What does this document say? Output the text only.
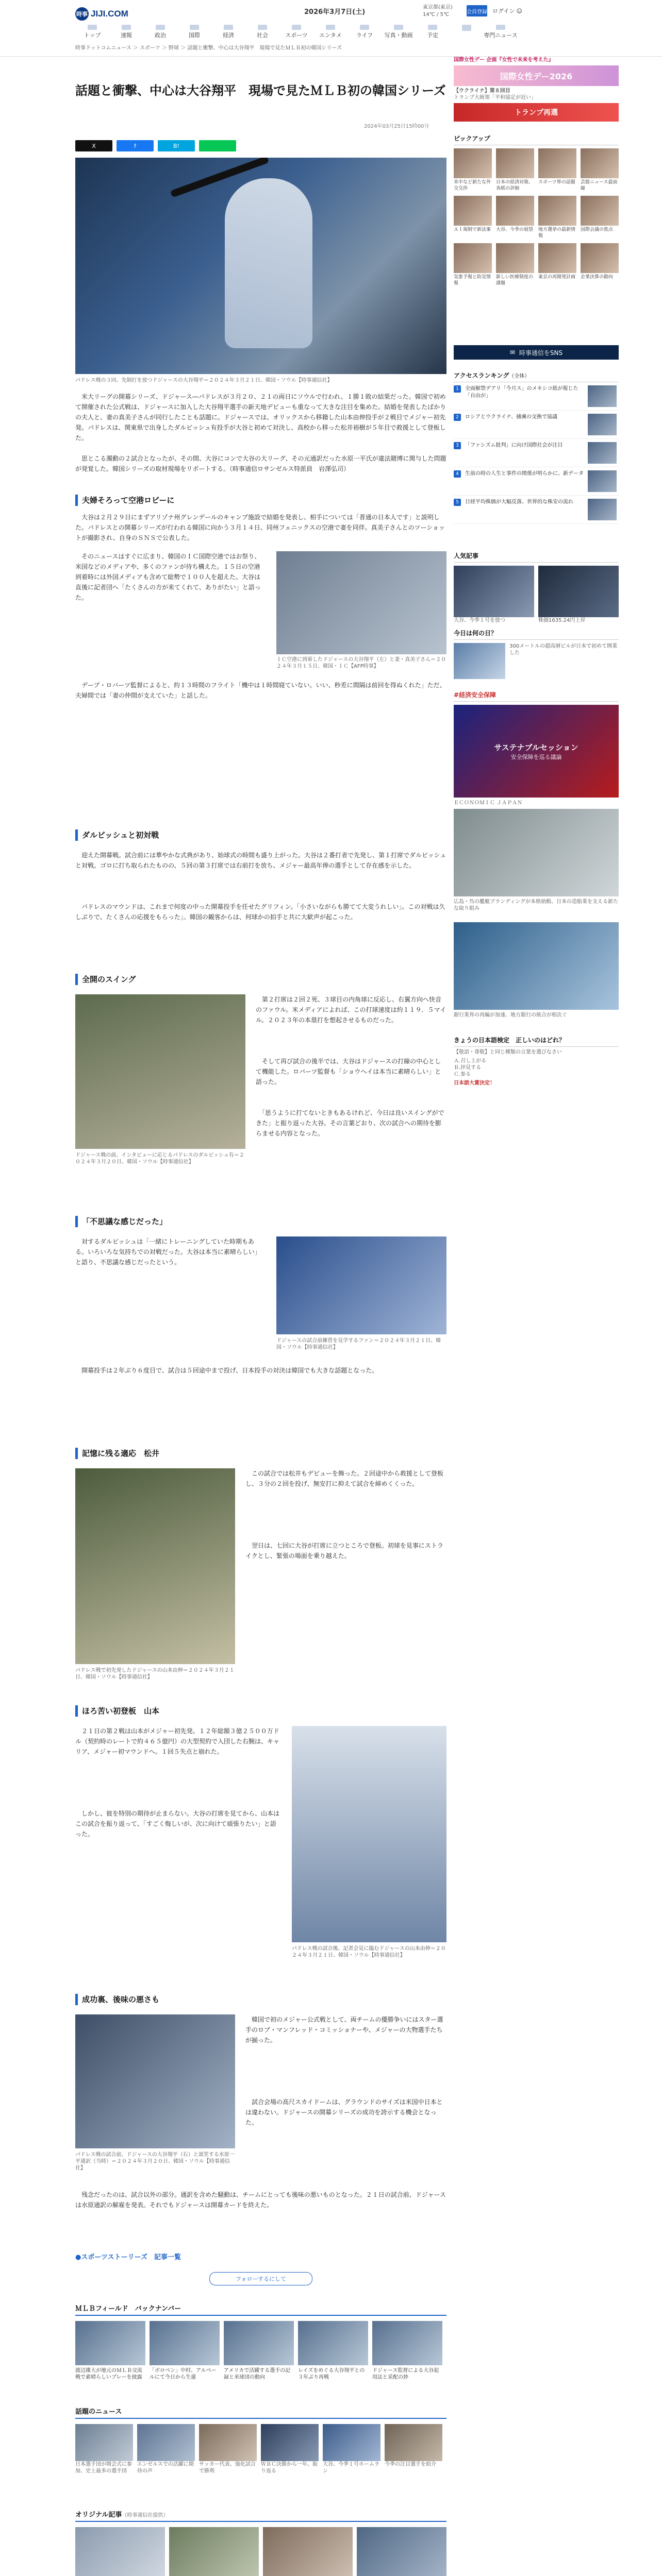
時事 JIJI.COM	2026年3月7日(土)
東京都(東京)
14℃ / 5℃	会員登録 ログイン ☺
トップ	速報	政治	国際	経済	社会	スポーツ エンタメ	ライフ 写真・動画	予定	専門ニュース
時事ドットコムニュース ＞ スポーツ ＞ 野球 ＞ 話題と衝撃、中心は大谷翔平　現場で見たＭＬＢ初の韓国シリーズ
話題と衝撃、中心は大谷翔平　現場で見たＭＬＢ初の韓国シリーズ
2024年03月25日15時00分
X	f	B!
パドレス戦の３回、先制打を放つドジャースの大谷翔平＝２０２４年３月２１日、韓国・ソウル【時事通信社】
　米大リーグの開幕シリーズ、ドジャース―パドレスが３月２０、２１の両日にソウルで行われ、１勝１敗の結果だった。韓国で初めて開催された公式戦は、ドジャースに加入した大谷翔平選手の新天地デビューも重なって大きな注目を集めた。結婚を発表したばかりの夫人と、妻の真美子さんが同行したことも話題に。ドジャースでは、オリックスから移籍した山本由伸投手が２戦目でメジャー初先発。パドレスは、関東県で出身したダルビッシュ有投手が大谷と初めて対決し、高校から移った松井裕樹が５年目で救援として登板した。
　思とこる濁動の２試合となったが、その間、大谷にコンで大谷の大リーグ、その元通訳だった水原一平氏が違法賭博に関与した問題が発覚した。韓国シリーズの取材現場をリポートする。（時事通信ロサンゼルス特派員　岩澤弘司）
夫婦そろって空港ロビーに
　大谷は２月２９日にまずアリゾナ州グレンデールのキャンプ施設で結婚を発表し、相手については「普通の日本人です」と説明した。パドレスとの開幕シリーズが行われる韓国に向かう３月１４日、同州フェニックスの空港で妻を同伴。真美子さんとのツーショットが撮影され、自身のＳＮＳで公表した。
　そのニュースはすぐに広まり、韓国のＩＣ国際空港ではお祭り、米国などのメディアや、多くのファンが待ち構えた。１５日の空港到着時には外国メディアも含めて総勢で１００人を超えた。大谷は直後に記者団へ「たくさんの方が来てくれて、ありがたい」と語った。
ＩＣ空港に到着したドジャースの大谷翔平（左）と妻・真美子さん＝２０２４年３月１５日、韓国・ＩＣ【AFP時事】
　デーブ・ロバーツ監督によると、約１３時間のフライト「機中は１時間寝ていない。いい、秒差に間隔は前回を得ぬくれた」ただ、夫婦間では「妻の仲間が支えていた」と話した。
ダルビッシュと初対戦
　迎えた開幕戦。試合前には華やかな式典があり、始球式の時間も盛り上がった。大谷は２番打者で先発し、第１打席でダルビッシュと対戦。ゴロに打ち取られたものの、５回の第３打席では右前打を放ち、メジャー最高年俸の選手として存在感を示した。
　パドレスのマウンドは、これまで何度の中った開幕投手を任せたグリフィン。「小さいながらも勝てて大変うれしい」。この対戦は久しぶりで、たくさんの応援をもらった」。韓国の観客からは、何球かの拍手と共に大歓声が起こった。
全開のスイング
ドジャース戦の前、インタビューに応じるパドレスのダルビッシュ有＝２０２４年３月２０日、韓国・ソウル【時事通信社】
　第２打席は２回２死、３球目の内角球に反応し、右翼方向へ快音のファウル。米メディアによれば、この打球速度は約１１９．５マイル。２０２３年の本塁打を想起させるものだった。
　そして再び試合の後半では、大谷はドジャースの打線の中心として機能した。ロバーツ監督も「ショウヘイは本当に素晴らしい」と語った。
　「思うように打てないときもあるけれど、今日は良いスイングができた」と振り返った大谷。その言葉どおり、次の試合への期待を膨らませる内容となった。
「不思議な感じだった」
　対するダルビッシュは「一緒にトレーニングしていた時期もある。いろいろな気持ちでの対戦だった。大谷は本当に素晴らしい」と語り、不思議な感じだったという。
ドジャースの試合前練習を見学するファン＝２０２４年３月２１日、韓国・ソウル【時事通信社】
　開幕投手は２年ぶり６度目で、試合は５回途中まで投げ、日本投手の対決は韓国でも大きな話題となった。
記憶に残る適応　松井
パドレス戦で初先発したドジャースの山本由伸＝２０２４年３月２１日、韓国・ソウル【時事通信社】
　この試合では松井もデビューを飾った。２回途中から救援として登板し、３分の２回を投げ、無安打に抑えて試合を締めくくった。
　翌日は、七回に大谷が打席に立つところで登板。初球を見事にストライクとし、緊張の場面を乗り越えた。
ほろ苦い初登板　山本
　２１日の第２戦は山本がメジャー初先発。１２年総額３億２５００万ドル（契約時のレートで約４６５億円）の大型契約で入団した右腕は、キャリア、メジャー初マウンドへ。１回５失点と崩れた。
　しかし、彼を特別の期待が止まらない。大谷の打席を見てから、山本はこの試合を振り返って、「すごく悔しいが、次に向けて頑張りたい」と語った。
パドレス戦の試合後、記者会見に臨むドジャースの山本由伸＝２０２４年３月２１日、韓国・ソウル【時事通信社】
成功裏、後味の悪さも
パドレス戦の試合前、ドジャースの大谷翔平（右）と談笑する水原一平通訳（当時）＝２０２４年３月２０日、韓国・ソウル【時事通信社】
　韓国で初のメジャー公式戦として、両チームの優勝争いにはスター選手のロブ・マンフレッド・コミッショナーや、メジャーの大物選手たちが揃った。
　試合会場の高尺スカイドームは、グラウンドのサイズは米国中日本とは違わない。ドジャースの開幕シリーズの成功を誇示する機会となった。
　残念だったのは、試合以外の部分。通訳を含めた騒動は、チームにとっても後味の悪いものとなった。２１日の試合前、ドジャースは水原通訳の解雇を発表。それでもドジャースは開幕カードを終えた。
●スポーツストーリーズ　記事一覧
フォローするにして
ＭＬＢフィールド　バックナンバー
渡辺雄大が地元のＭＬＢ交流戦で素晴らしいプレーを披露
「ボロベン」中村、アルベールにて今日から生還
アメリカで活躍する選手の記録と米球団の動向
レイズをめぐる大谷翔平との３年ぶり再戦
ドジャース監督による大谷起用法と采配の妙
話題のニュース
日本選手団が開会式に参加、史上最多の選手団
エンゼルスでの活躍に期待の声
サッカー代表、強化試合で勝利
ＷＢＣ決勝から一年、振り返る
大谷、今季１号ホームラン
今季の注目選手を紹介
オリジナル記事（時事通信社提供）
国際女性デー 企画『女性で未来を考えた』
国際女性デー2026
【ウクライナ】第８回目
トランプ大統領「平和協定が近い」
トランプ再選
ピックアップ
米中など新たな外交交渉
日本の経済対策、各紙の評価
スポーツ界の話題 芸能ニュース最前線
ＡＩ規制で新法案 大谷、今季の展望 地方選挙の最新情報
国際会議の焦点
気象予報と防災情報
新しい医療制度の課題
東京の再開発計画 企業決算の動向
✉ 時事通信をSNS
アクセスランキング（全体）
1	全面解禁デアリ「今月ス」のメキシコ紙が報じた「自由が」
2	ロシアとウクライナ、捕虜の交換で協議
3	「ファシズム批判」に向け国際社会が注目
4	生前の時の人生と事件の関係が明らかに、新データ
5	日経平均株価が大幅反落、世界的な株安の流れ
人気記事
大谷、今季１号を放つ	株価1635.24円上昇
今日は何の日？
300メートルの超高層ビルが日本で初めて開業した
#経済安全保障
サステナブルセッション
安全保障を巡る議論
ＥＣＯＮＯＭＩＣ ＪＡＰＡＮ
広島・呉の艦艇ブランディングが本格始動、日本の造船業を支える新たな取り組み
銀行業界の再編が加速、地方銀行の統合が相次ぐ
きょうの日本語検定　正しいのはどれ？
【敬語・尊敬】と同じ種類の言葉を選びなさい
Ａ.召し上がる
Ｂ.拝見する
Ｃ.参る
日本語大賞決定！
